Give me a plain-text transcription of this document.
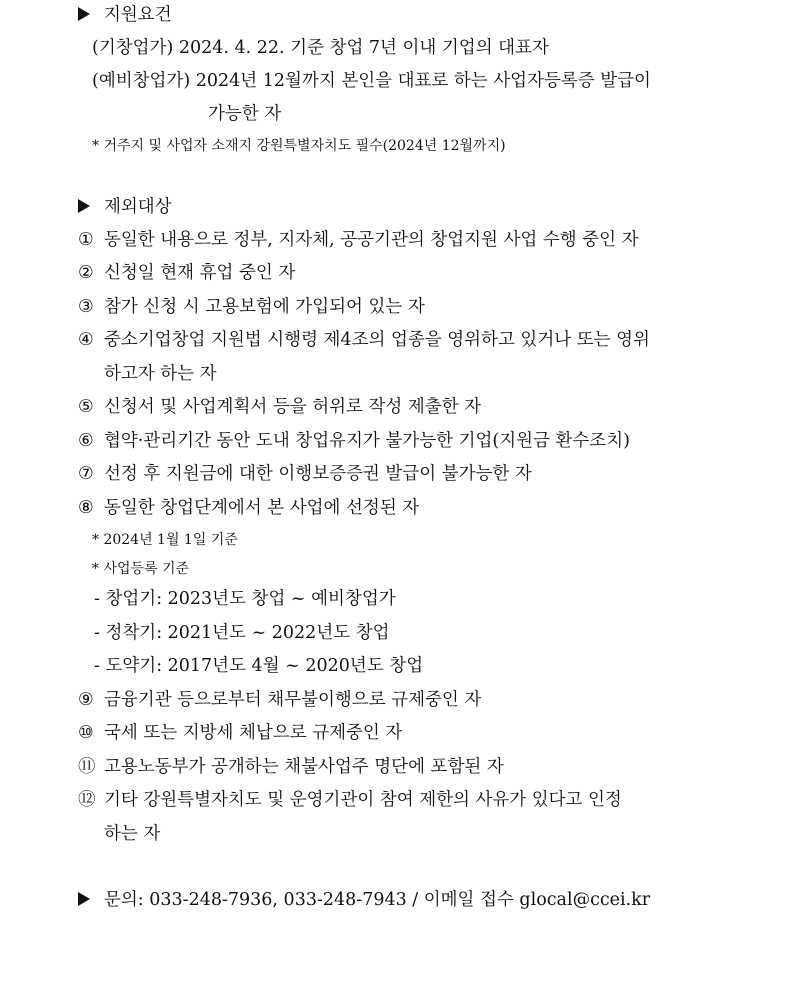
지원요건
(기창업가) 2024. 4. 22. 기준 창업 7년 이내 기업의 대표자
(예비창업가) 2024년 12월까지 본인을 대표로 하는 사업자등록증 발급이
가능한 자
* 거주지 및 사업자 소재지 강원특별자치도 필수(2024년 12월까지)
제외대상
① 동일한 내용으로 정부, 지자체, 공공기관의 창업지원 사업 수행 중인 자
② 신청일 현재 휴업 중인 자
③ 참가 신청 시 고용보험에 가입되어 있는 자
④ 중소기업창업 지원법 시행령 제4조의 업종을 영위하고 있거나 또는 영위
하고자 하는 자
⑤ 신청서 및 사업계획서 등을 허위로 작성 제출한 자
⑥ 협약·관리기간 동안 도내 창업유지가 불가능한 기업(지원금 환수조치)
⑦ 선정 후 지원금에 대한 이행보증증권 발급이 불가능한 자
⑧ 동일한 창업단계에서 본 사업에 선정된 자
* 2024년 1월 1일 기준
* 사업등록 기준
- 창업기: 2023년도 창업 ~ 예비창업가
- 정착기: 2021년도 ~ 2022년도 창업
- 도약기: 2017년도 4월 ~ 2020년도 창업
⑨ 금융기관 등으로부터 채무불이행으로 규제중인 자
⑩ 국세 또는 지방세 체납으로 규제중인 자
⑪ 고용노동부가 공개하는 채불사업주 명단에 포함된 자
⑫ 기타 강원특별자치도 및 운영기관이 참여 제한의 사유가 있다고 인정
하는 자
문의: 033-248-7936, 033-248-7943 / 이메일 접수 glocal@ccei.kr
